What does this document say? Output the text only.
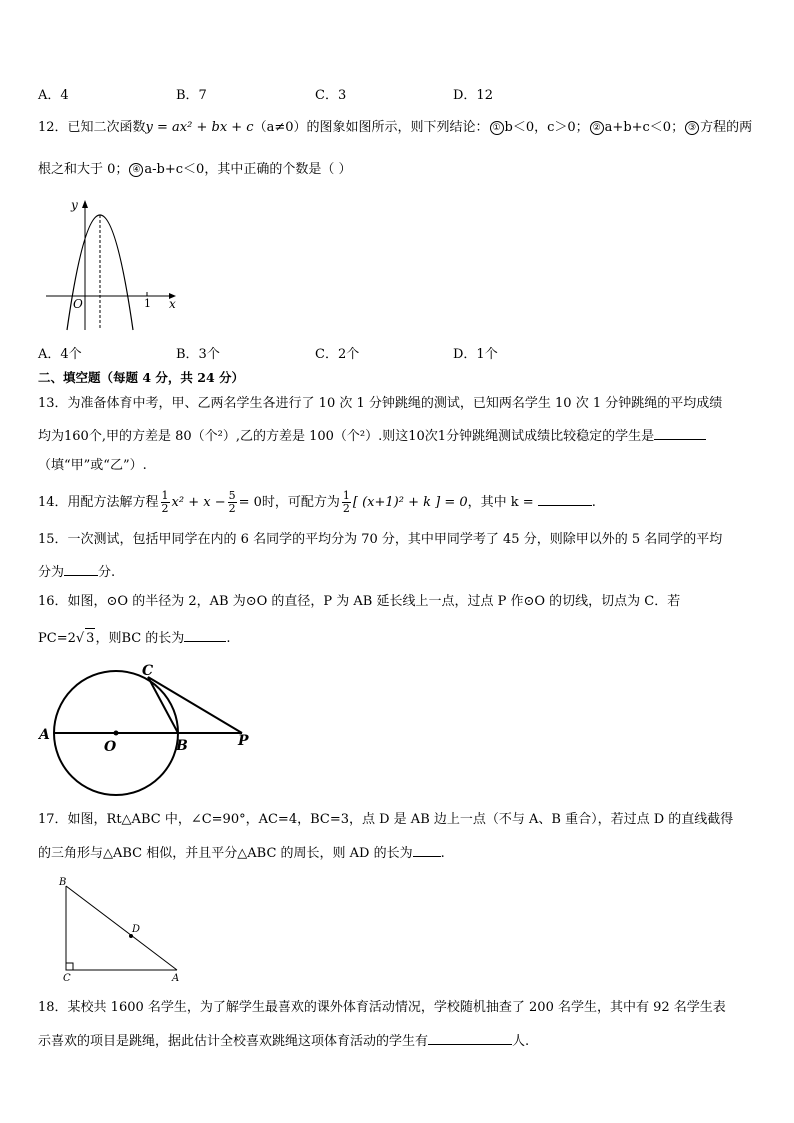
A．4	B．7	C．3	D．12
12．已知二次函数y = ax² + bx + c（a≠0）的图象如图所示，则下列结论： ① b＜0，c＞0； ② a+b+c＜0； ③ 方程的两
根之和大于 0； ④ a-b+c＜0，其中正确的个数是（ ）
y
x
O	1
A．4个	B．3个	C．2个	D．1个
二、填空题（每题 4 分，共 24 分）
13．为准备体育中考，甲、乙两名学生各进行了 10 次 1 分钟跳绳的测试，已知两名学生 10 次 1 分钟跳绳的平均成绩
均为160个,甲的方差是 80（个²）,乙的方差是 100（个²）.则这10次1分钟跳绳测试成绩比较稳定的学生是
（填“甲”或“乙”）.
14．用配方法解方程 $\frac{1}{2} x^2 + x - \frac{5}{2} = 0$时，可配方为 $\frac{1}{2}$ [ (x+1)² + k ] = 0，其中 k =	.
15．一次测试，包括甲同学在内的 6 名同学的平均分为 70 分，其中甲同学考了 45 分，则除甲以外的 5 名同学的平均
分为	分.
16．如图，⊙O 的半径为 2，AB 为⊙O 的直径，P 为 AB 延长线上一点，过点 P 作⊙O 的切线，切点为 C．若
PC=2√ 3，则BC 的长为	.
A
O	B
C
P
17．如图，Rt△ABC 中，∠C=90°，AC=4，BC=3，点 D 是 AB 边上一点（不与 A、B 重合），若过点 D 的直线截得
的三角形与△ABC 相似，并且平分△ABC 的周长，则 AD 的长为 .
B
D
C	A
18．某校共 1600 名学生，为了解学生最喜欢的课外体育活动情况，学校随机抽查了 200 名学生，其中有 92 名学生表
示喜欢的项目是跳绳，据此估计全校喜欢跳绳这项体育活动的学生有	人.
